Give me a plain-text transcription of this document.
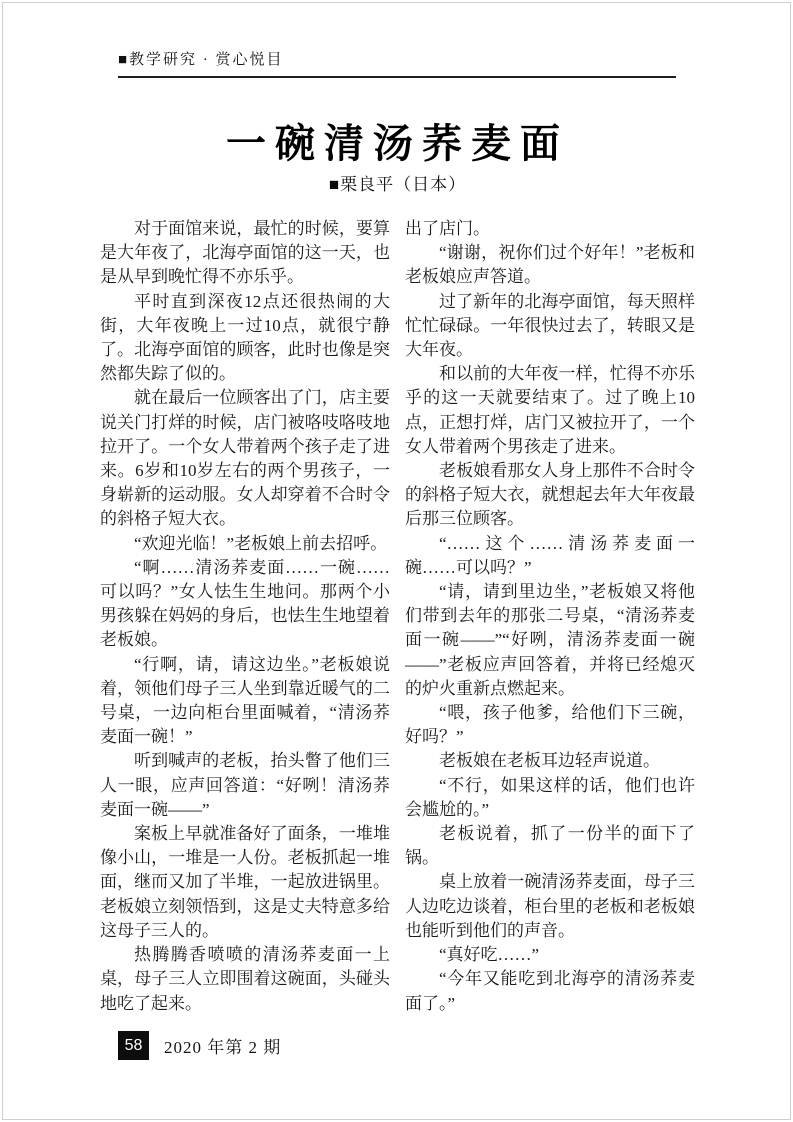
■教学研究 · 赏心悦目
一碗清汤荞麦面
■栗良平（日本）

对于面馆来说，最忙的时候，要算是大年夜了，北海亭面馆的这一天，也是从早到晚忙得不亦乐乎。

平时直到深夜12点还很热闹的大街，大年夜晚上一过10点，就很宁静了。北海亭面馆的顾客，此时也像是突然都失踪了似的。

就在最后一位顾客出了门，店主要说关门打烊的时候，店门被咯吱咯吱地拉开了。一个女人带着两个孩子走了进来。6岁和10岁左右的两个男孩子，一身崭新的运动服。女人却穿着不合时令的斜格子短大衣。

“欢迎光临！”老板娘上前去招呼。

“啊……清汤荞麦面……一碗……可以吗？”女人怯生生地问。那两个小男孩躲在妈妈的身后，也怯生生地望着老板娘。

“行啊，请，请这边坐。”老板娘说着，领他们母子三人坐到靠近暖气的二号桌，一边向柜台里面喊着，“清汤荞麦面一碗！”

听到喊声的老板，抬头瞥了他们三人一眼，应声回答道：“好咧！清汤荞麦面一碗——”

案板上早就准备好了面条，一堆堆像小山，一堆是一人份。老板抓起一堆面，继而又加了半堆，一起放进锅里。老板娘立刻领悟到，这是丈夫特意多给这母子三人的。

热腾腾香喷喷的清汤荞麦面一上桌，母子三人立即围着这碗面，头碰头地吃了起来。

出了店门。

“谢谢，祝你们过个好年！”老板和老板娘应声答道。

过了新年的北海亭面馆，每天照样忙忙碌碌。一年很快过去了，转眼又是大年夜。

和以前的大年夜一样，忙得不亦乐乎的这一天就要结束了。过了晚上10点，正想打烊，店门又被拉开了，一个女人带着两个男孩走了进来。

老板娘看那女人身上那件不合时令的斜格子短大衣，就想起去年大年夜最后那三位顾客。

“……这个……清汤荞麦面一碗……可以吗？”

“请，请到里边坐，”老板娘又将他们带到去年的那张二号桌，“清汤荞麦面一碗——”“好咧，清汤荞麦面一碗——”老板应声回答着，并将已经熄灭的炉火重新点燃起来。

“喂，孩子他爹，给他们下三碗，好吗？”

老板娘在老板耳边轻声说道。

“不行，如果这样的话，他们也许会尴尬的。”

老板说着，抓了一份半的面下了锅。

桌上放着一碗清汤荞麦面，母子三人边吃边谈着，柜台里的老板和老板娘也能听到他们的声音。

“真好吃……”

“今年又能吃到北海亭的清汤荞麦面了。”

58	2020 年第 2 期
